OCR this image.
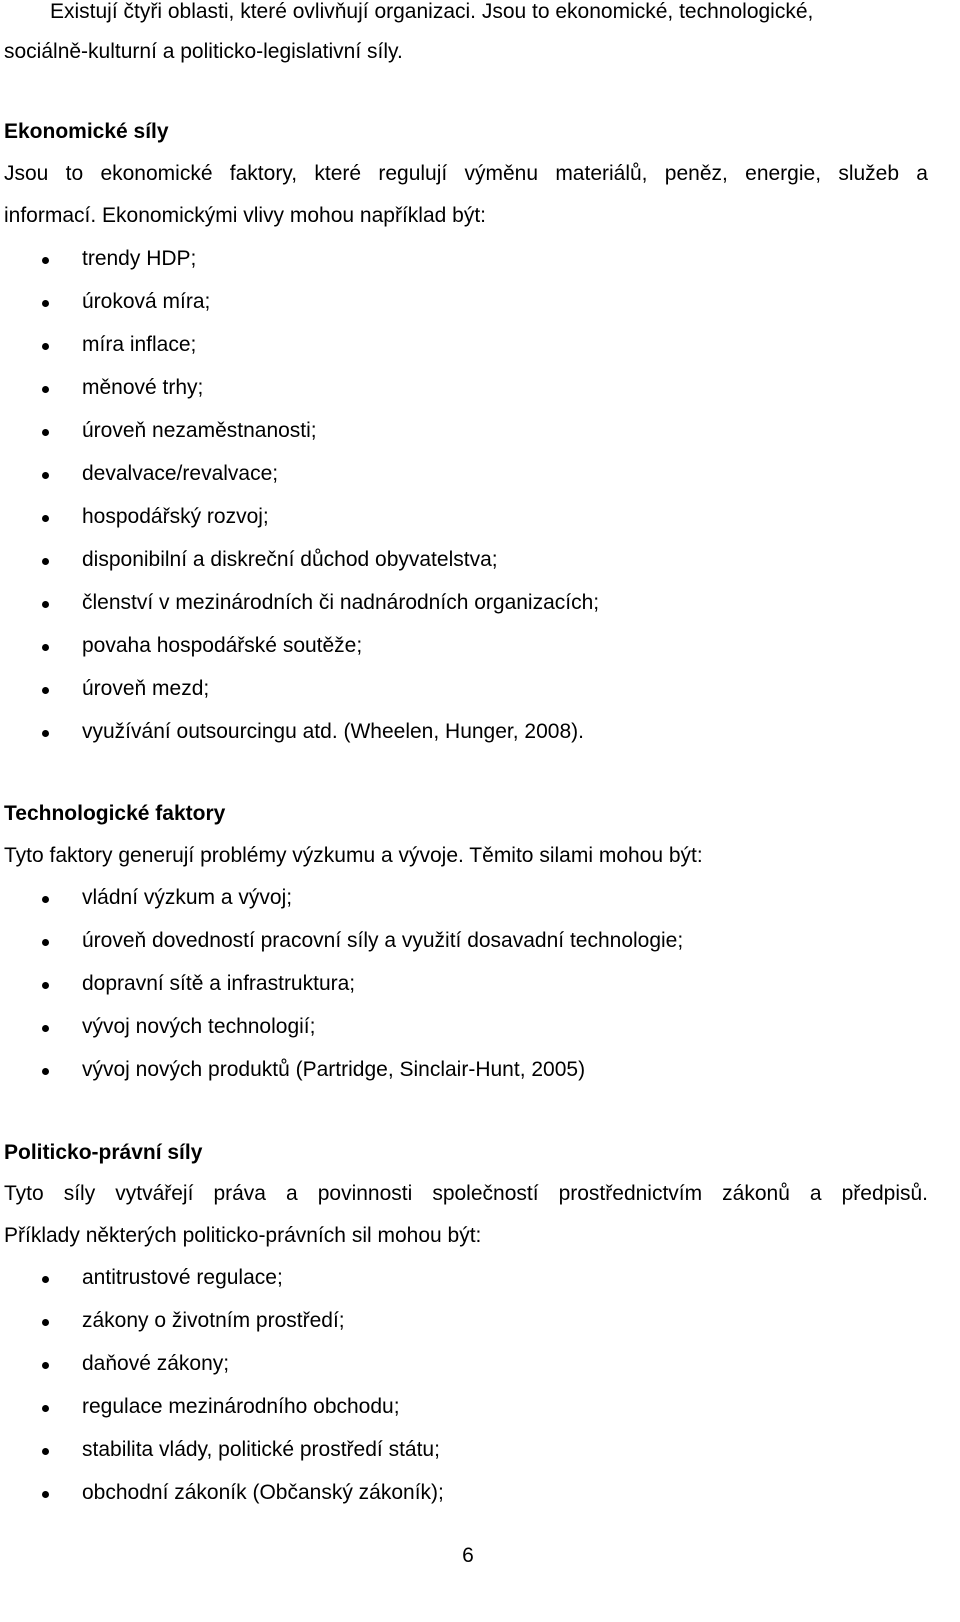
Existují čtyři oblasti, které ovlivňují organizaci. Jsou to ekonomické, technologické,
sociálně-kulturní a politicko-legislativní síly.
Ekonomické síly
Jsou to ekonomické faktory, které regulují výměnu materiálů, peněz, energie, služeb a
informací. Ekonomickými vlivy mohou například být:
trendy HDP;
úroková míra;
míra inflace;
měnové trhy;
úroveň nezaměstnanosti;
devalvace/revalvace;
hospodářský rozvoj;
disponibilní a diskreční důchod obyvatelstva;
členství v mezinárodních či nadnárodních organizacích;
povaha hospodářské soutěže;
úroveň mezd;
využívání outsourcingu atd. (Wheelen, Hunger, 2008).
Technologické faktory
Tyto faktory generují problémy výzkumu a vývoje. Těmito silami mohou být:
vládní výzkum a vývoj;
úroveň dovedností pracovní síly a využití dosavadní technologie;
dopravní sítě a infrastruktura;
vývoj nových technologií;
vývoj nových produktů (Partridge, Sinclair-Hunt, 2005)
Politicko-právní síly
Tyto síly vytvářejí práva a povinnosti společností prostřednictvím zákonů a předpisů.
Příklady některých politicko-právních sil mohou být:
antitrustové regulace;
zákony o životním prostředí;
daňové zákony;
regulace mezinárodního obchodu;
stabilita vlády, politické prostředí státu;
obchodní zákoník (Občanský zákoník);
6
